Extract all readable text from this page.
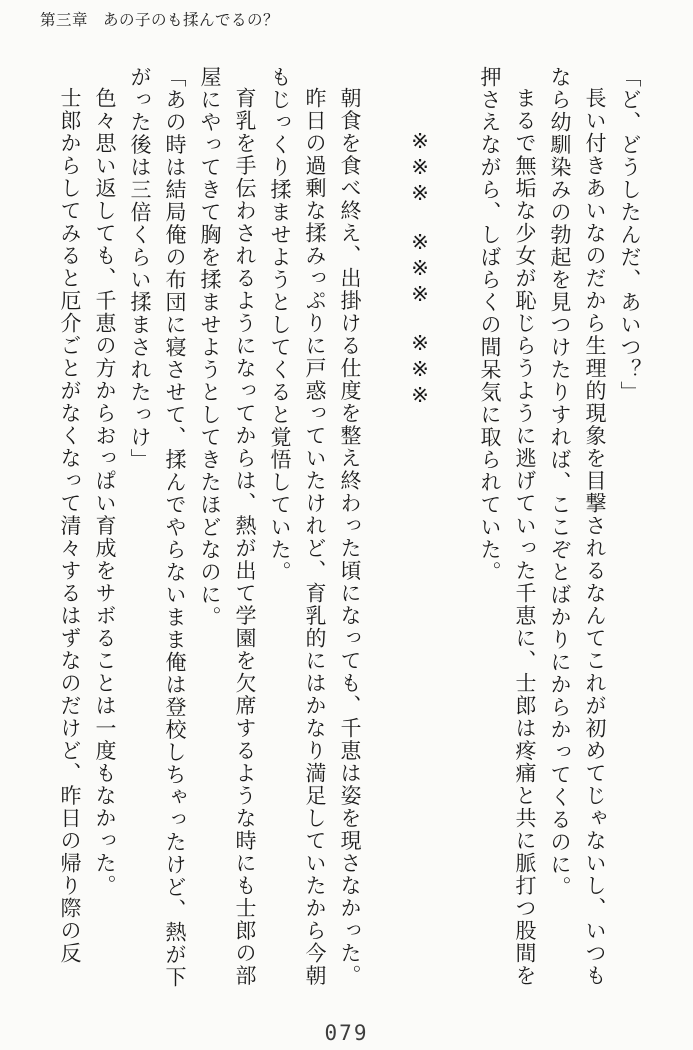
第三章 あの子のも揉んでるの？

「ど、どうしたんだ、あいつ？」

長い付きあいなのだから生理的現象を目撃されるなんてこれが初めてじゃないし、いつもなら幼馴染みの勃起を見つけたりすれば、ここぞとばかりにからかってくるのに。

まるで無垢な少女が恥じらうように逃げていった千恵に、士郎は疼痛と共に脈打つ股間を押さえながら、しばらくの間呆気に取られていた。

※※※　※※※　※※※

朝食を食べ終え、出掛ける仕度を整え終わった頃になっても、千恵は姿を現さなかった。

昨日の過剰な揉みっぷりに戸惑っていたけれど、育乳的にはかなり満足していたから今朝もじっくり揉ませようとしてくると覚悟していた。

育乳を手伝わされるようになってからは、熱が出て学園を欠席するような時にも士郎の部屋にやってきて胸を揉ませようとしてきたほどなのに。

「あの時は結局俺の布団に寝させて、揉んでやらないまま俺は登校しちゃったけど、熱が下がった後は三倍くらい揉まされたっけ」

色々思い返しても、千恵の方からおっぱい育成をサボることは一度もなかった。

士郎からしてみると厄介ごとがなくなって清々するはずなのだけど、昨日の帰り際の反

079
